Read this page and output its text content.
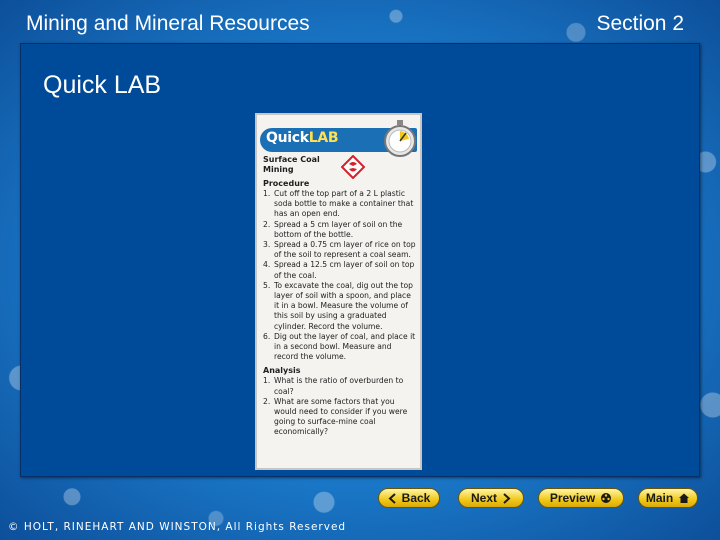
Mining and Mineral Resources	Section 2
Quick LAB
QuickLAB
Surface Coal Mining
Procedure
1. Cut off the top part of a 2 L plastic soda bottle to make a container that has an open end.
2. Spread a 5 cm layer of soil on the bottom of the bottle.
3. Spread a 0.75 cm layer of rice on top of the soil to represent a coal seam.
4. Spread a 12.5 cm layer of soil on top of the coal.
5. To excavate the coal, dig out the top layer of soil with a spoon, and place it in a bowl. Measure the volume of this soil by using a graduated cylinder. Record the volume.
6. Dig out the layer of coal, and place it in a second bowl. Measure and record the volume.
Analysis
1. What is the ratio of overburden to coal?
2. What are some factors that you would need to consider if you were going to surface-mine coal economically?
Back	Next	Preview	Main
© HOLT, RINEHART AND WINSTON, All Rights Reserved
